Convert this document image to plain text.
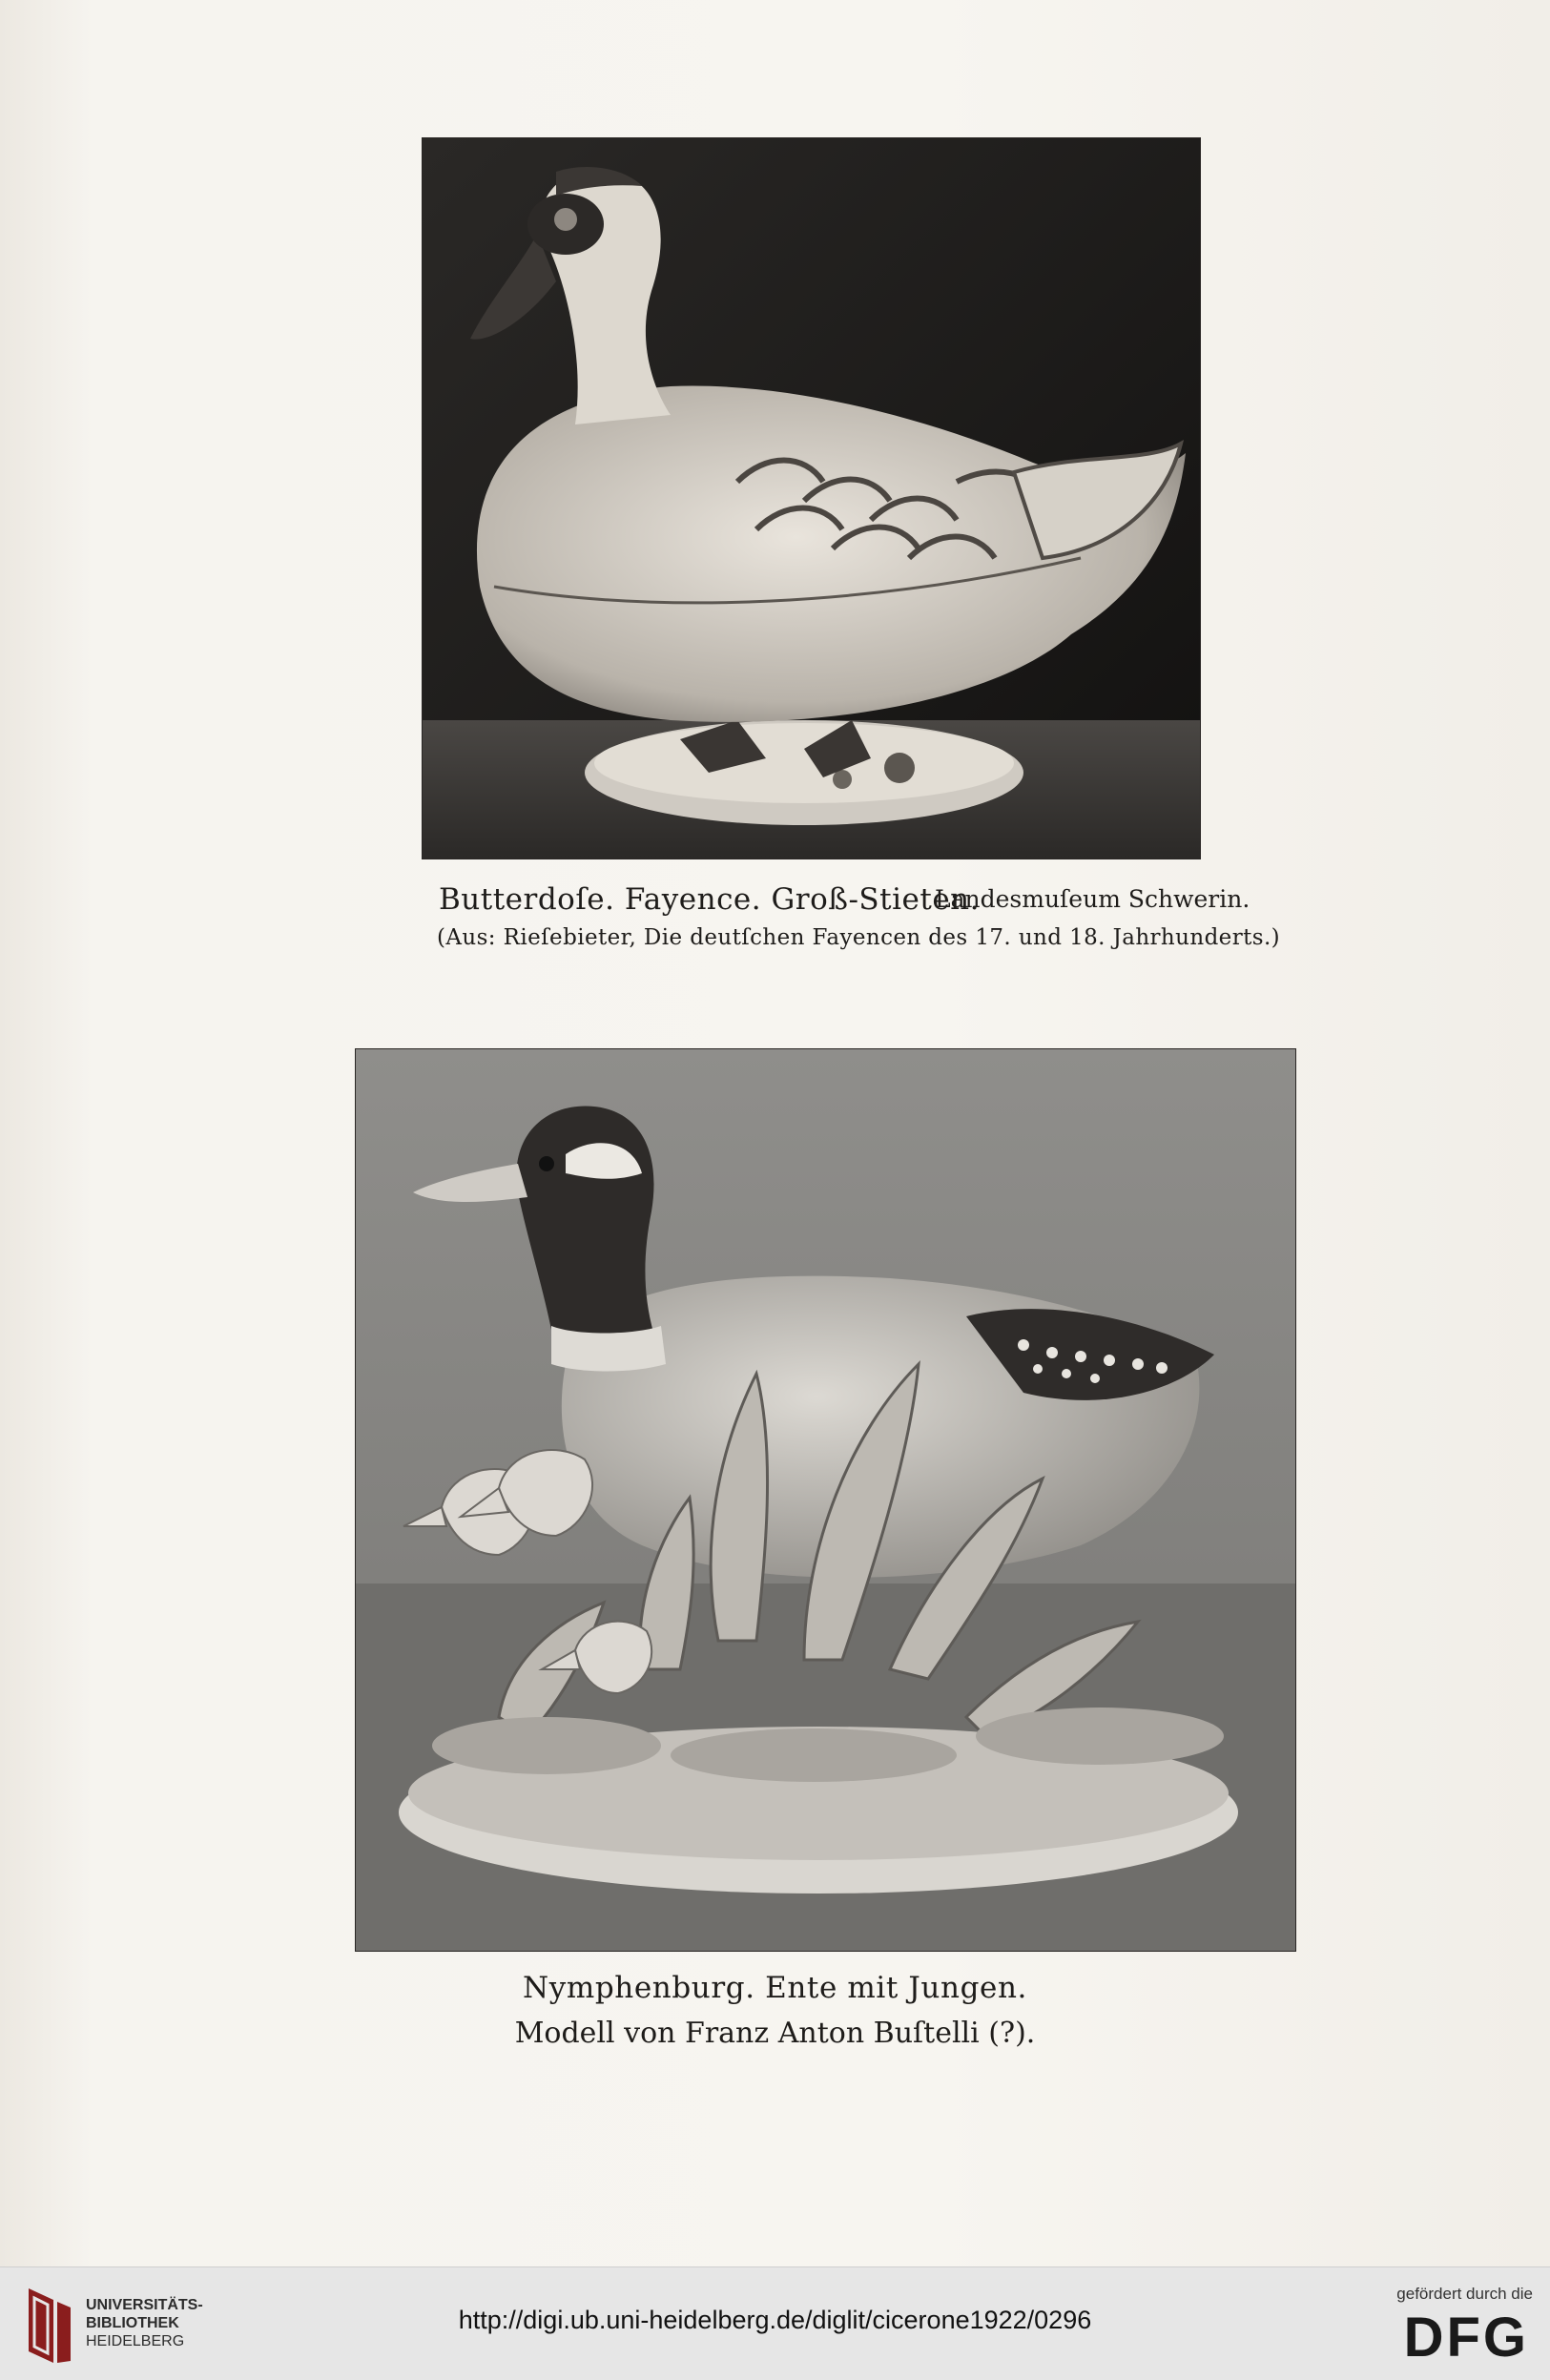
Butterdoſe. Fayence. Groß-Stieten.
Landesmuſeum Schwerin.
(Aus: Rieſebieter, Die deutſchen Fayencen des 17. und 18. Jahrhunderts.)
Nymphenburg. Ente mit Jungen.
Modell von Franz Anton Buſtelli (?).
UNIVERSITÄTS-
BIBLIOTHEK
HEIDELBERG
http://digi.ub.uni-heidelberg.de/diglit/cicerone1922/0296
gefördert durch die
DFG
